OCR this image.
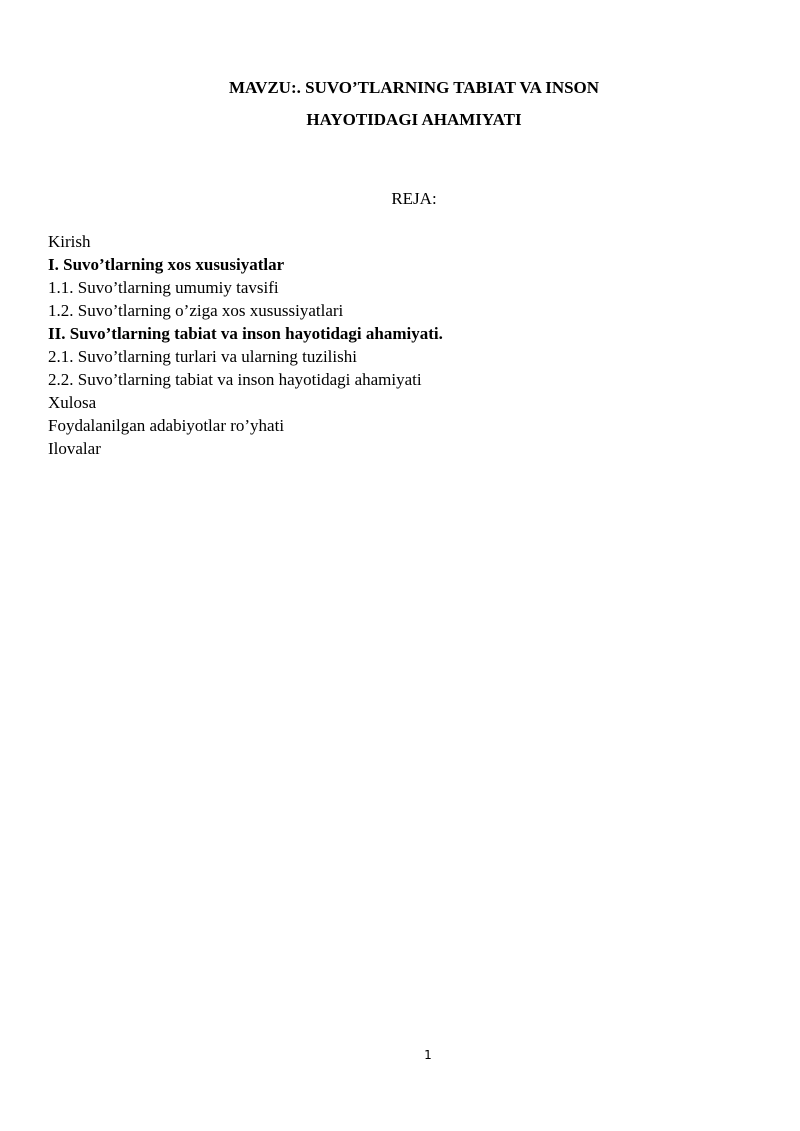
MAVZU:. SUVO’TLARNING TABIAT VA INSON
HAYOTIDAGI AHAMIYATI
REJA:
Kirish
I. Suvo’tlarning xos xususiyatlar
1.1. Suvo’tlarning umumiy tavsifi
1.2. Suvo’tlarning o’ziga xos xusussiyatlari
II. Suvo’tlarning tabiat va inson hayotidagi ahamiyati.
2.1. Suvo’tlarning turlari va ularning tuzilishi
2.2. Suvo’tlarning tabiat va inson hayotidagi ahamiyati
Xulosa
Foydalanilgan adabiyotlar ro’yhati
Ilovalar
1
